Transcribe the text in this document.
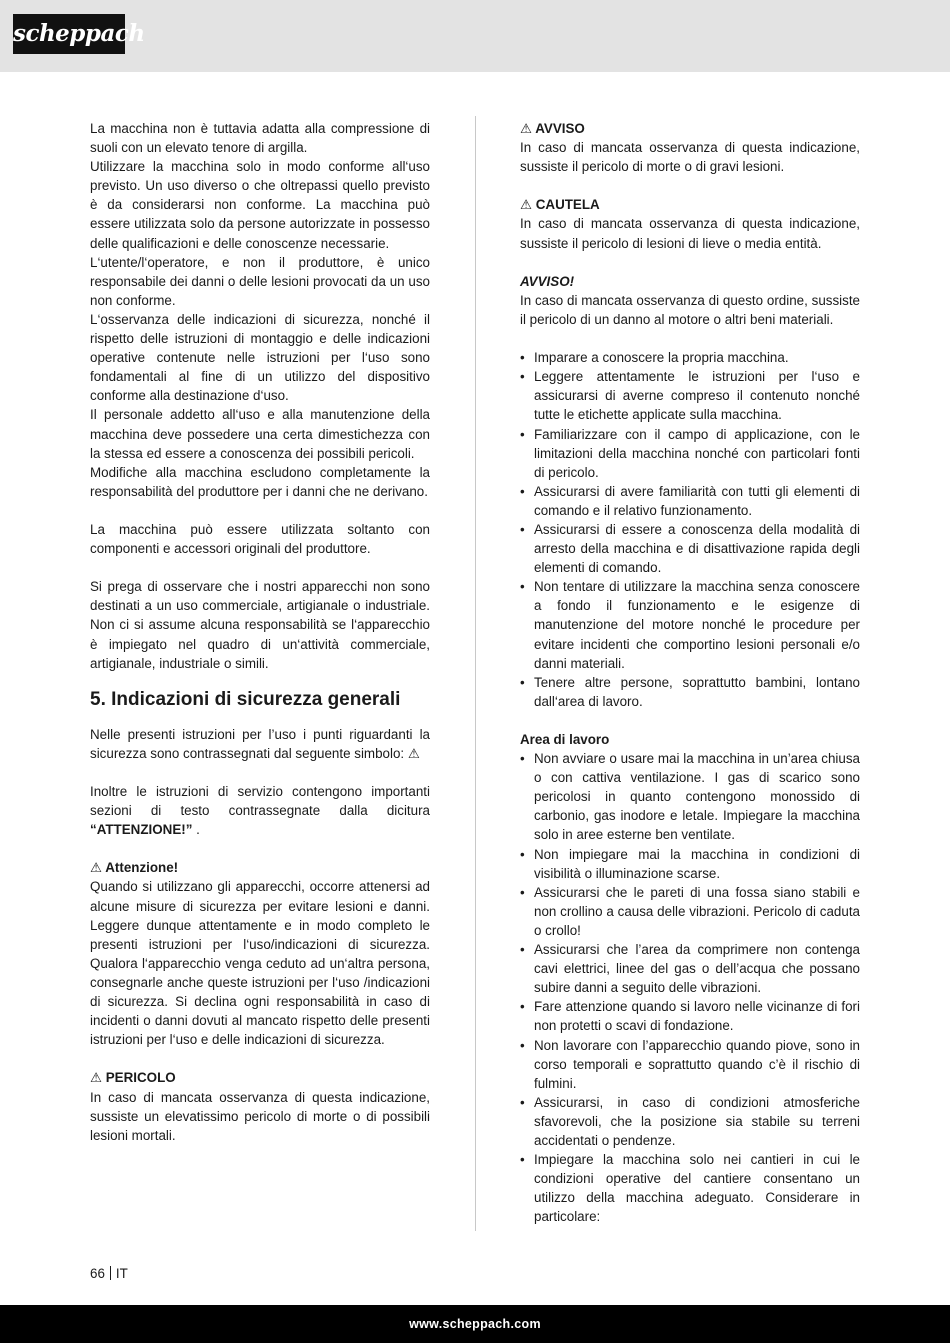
scheppach

La macchina non è tuttavia adatta alla compressione di suoli con un elevato tenore di argilla.

Utilizzare la macchina solo in modo conforme all‘uso previsto. Un uso diverso o che oltrepassi quello previsto è da considerarsi non conforme. La macchina può essere utilizzata solo da persone autorizzate in possesso delle qualificazioni e delle conoscenze necessarie.

L‘utente/l‘operatore, e non il produttore, è unico responsabile dei danni o delle lesioni provocati da un uso non conforme.

L‘osservanza delle indicazioni di sicurezza, nonché il rispetto delle istruzioni di montaggio e delle indicazioni operative contenute nelle istruzioni per l‘uso sono fondamentali al fine di un utilizzo del dispositivo conforme alla destinazione d‘uso.

Il personale addetto all‘uso e alla manutenzione della macchina deve possedere una certa dimestichezza con la stessa ed essere a conoscenza dei possibili pericoli.

Modifiche alla macchina escludono completamente la responsabilità del produttore per i danni che ne derivano.

La macchina può essere utilizzata soltanto con componenti e accessori originali del produttore.

Si prega di osservare che i nostri apparecchi non sono destinati a un uso commerciale, artigianale o industriale. Non ci si assume alcuna responsabilità se l‘apparecchio è impiegato nel quadro di un‘attività commerciale, artigianale, industriale o simili.

5. Indicazioni di sicurezza generali

Nelle presenti istruzioni per l’uso i punti riguardanti la sicurezza sono contrassegnati dal seguente simbolo: ⚠

Inoltre le istruzioni di servizio contengono importanti sezioni di testo contrassegnate dalla dicitura “ATTENZIONE!” .

⚠ Attenzione!

Quando si utilizzano gli apparecchi, occorre attenersi ad alcune misure di sicurezza per evitare lesioni e danni. Leggere dunque attentamente e in modo completo le presenti istruzioni per l‘uso/indicazioni di sicurezza. Qualora l‘apparecchio venga ceduto ad un‘altra persona, consegnarle anche queste istruzioni per l‘uso /indicazioni di sicurezza. Si declina ogni responsabilità in caso di incidenti o danni dovuti al mancato rispetto delle presenti istruzioni per l‘uso e delle indicazioni di sicurezza.

⚠ PERICOLO

In caso di mancata osservanza di questa indicazione, sussiste un elevatissimo pericolo di morte o di possibili lesioni mortali.

⚠ AVVISO

In caso di mancata osservanza di questa indicazione, sussiste il pericolo di morte o di gravi lesioni.

⚠ CAUTELA

In caso di mancata osservanza di questa indicazione, sussiste il pericolo di lesioni di lieve o media entità.

AVVISO!

In caso di mancata osservanza di questo ordine, sussiste il pericolo di un danno al motore o altri beni materiali.

• Imparare a conoscere la propria macchina.
• Leggere attentamente le istruzioni per l‘uso e assicurarsi di averne compreso il contenuto nonché tutte le etichette applicate sulla macchina.
• Familiarizzare con il campo di applicazione, con le limitazioni della macchina nonché con particolari fonti di pericolo.
• Assicurarsi di avere familiarità con tutti gli elementi di comando e il relativo funzionamento.
• Assicurarsi di essere a conoscenza della modalità di arresto della macchina e di disattivazione rapida degli elementi di comando.
• Non tentare di utilizzare la macchina senza conoscere a fondo il funzionamento e le esigenze di manutenzione del motore nonché le procedure per evitare incidenti che comportino lesioni personali e/o danni materiali.
• Tenere altre persone, soprattutto bambini, lontano dall‘area di lavoro.

Area di lavoro

• Non avviare o usare mai la macchina in un’area chiusa o con cattiva ventilazione. I gas di scarico sono pericolosi in quanto contengono monossido di carbonio, gas inodore e letale. Impiegare la macchina solo in aree esterne ben ventilate.
• Non impiegare mai la macchina in condizioni di visibilità o illuminazione scarse.
• Assicurarsi che le pareti di una fossa siano stabili e non crollino a causa delle vibrazioni. Pericolo di caduta o crollo!
• Assicurarsi che l’area da comprimere non contenga cavi elettrici, linee del gas o dell’acqua che possano subire danni a seguito delle vibrazioni.
• Fare attenzione quando si lavoro nelle vicinanze di fori non protetti o scavi di fondazione.
• Non lavorare con l’apparecchio quando piove, sono in corso temporali e soprattutto quando c’è il rischio di fulmini.
• Assicurarsi, in caso di condizioni atmosferiche sfavorevoli, che la posizione sia stabile su terreni accidentati o pendenze.
• Impiegare la macchina solo nei cantieri in cui le condizioni operative del cantiere consentano un utilizzo della macchina adeguato. Considerare in particolare:
66 IT
www.scheppach.com
